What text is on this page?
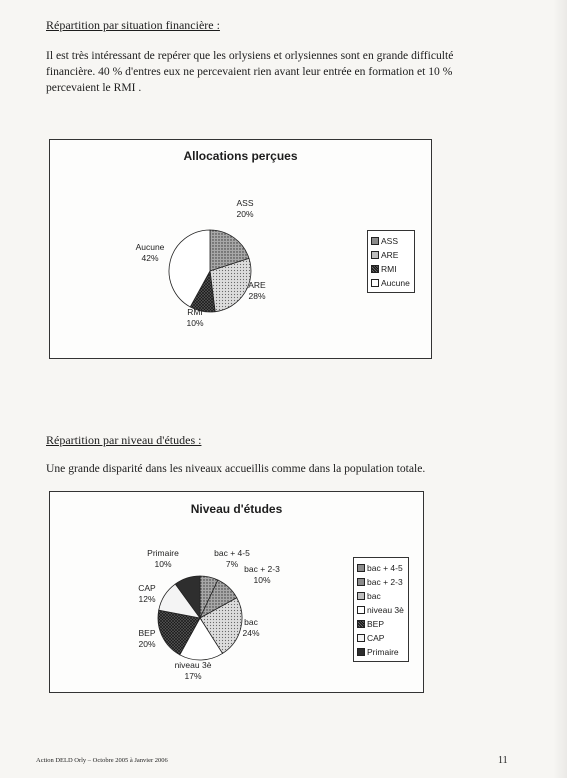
Répartition par situation financière :
Il est très intéressant de repérer que les orlysiens et orlysiennes sont en grande difficulté
financière. 40 % d'entres eux ne percevaient rien avant leur entrée en formation et 10 %
percevaient le RMI .
Allocations perçues
ASS
20%
ARE
28%
RMI
10%
Aucune
42%
ASS
ARE
RMI
Aucune
Répartition par niveau d'études :
Une grande disparité dans les niveaux accueillis comme dans la population totale.
Niveau d'études
bac + 4-5
7% bac + 2-3
10%
bac
24%
niveau 3è
17%
BEP
20%
CAP
12%
Primaire
10%	bac + 4-5
bac + 2-3
bac
niveau 3è
BEP
CAP
Primaire
Action DELD Orly – Octobre 2005 à Janvier 2006	11
